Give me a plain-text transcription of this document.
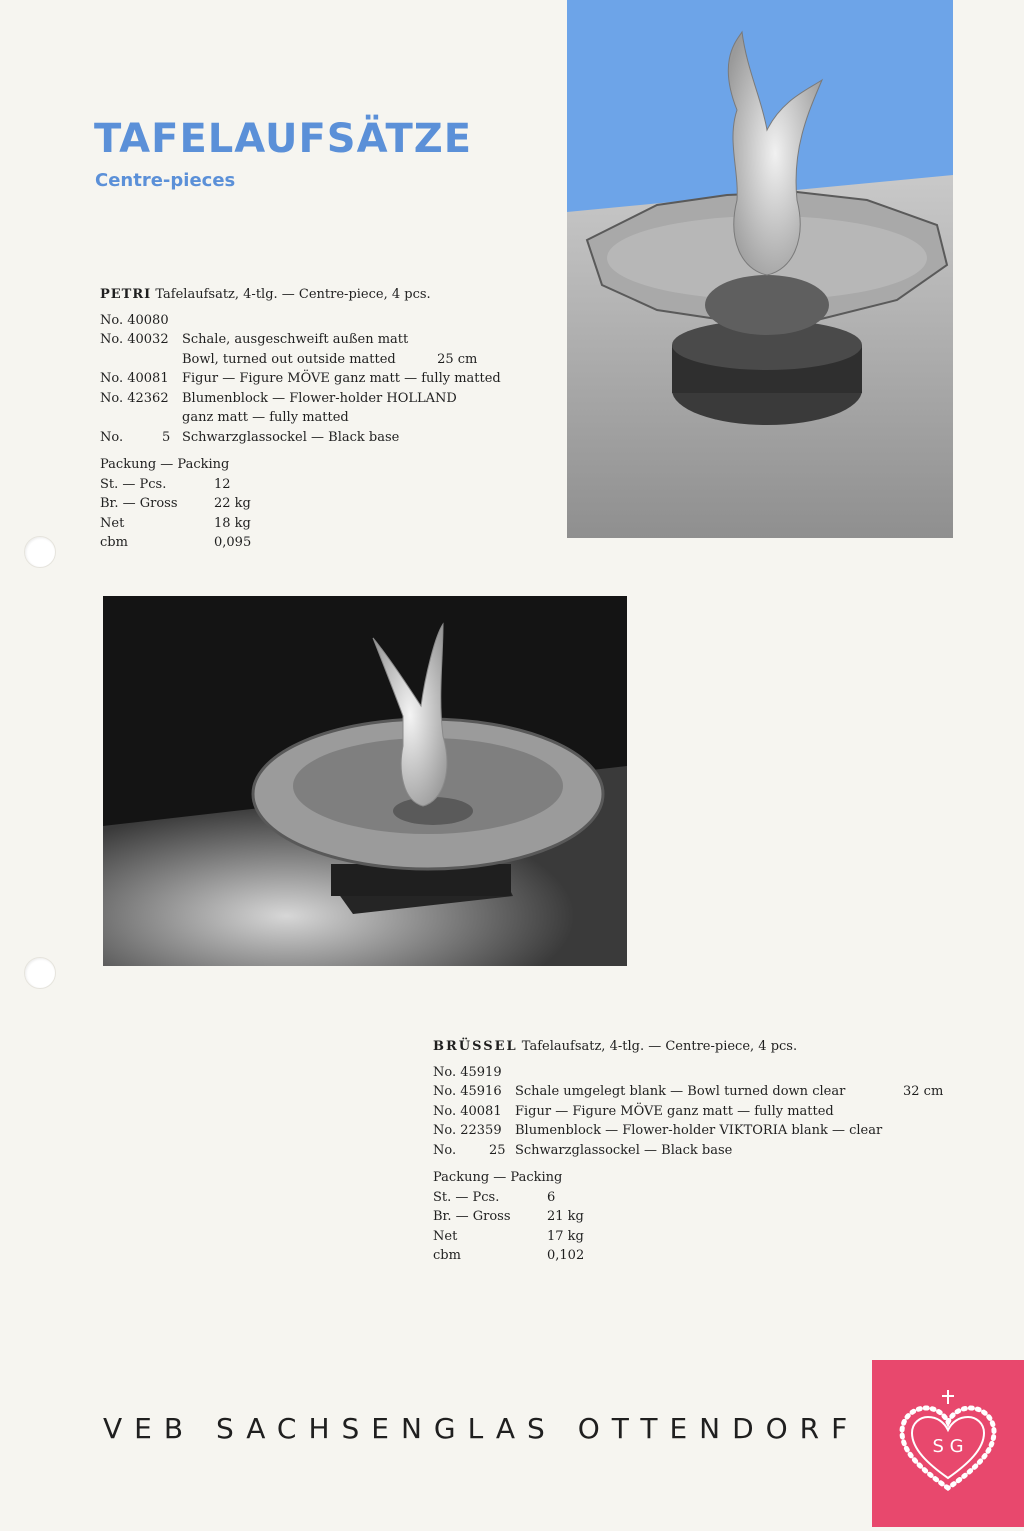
TAFELAUFSÄTZE
Centre-pieces
PETRI Tafelaufsatz, 4-tlg. — Centre-piece, 4 pcs.
No. 40080
No. 40032	Schale, ausgeschweift außen matt
Bowl, turned out outside matted          25 cm
No. 40081	Figur — Figure MÖVE ganz matt — fully matted
No. 42362	Blumenblock — Flower-holder HOLLAND
ganz matt — fully matted
No.	5 Schwarzglassockel — Black base
Packung — Packing
St. — Pcs.	12
Br. — Gross	22 kg
Net	18 kg
cbm	0,095
BRÜSSEL Tafelaufsatz, 4-tlg. — Centre-piece, 4 pcs.
No. 45919
No. 45916	Schale umgelegt blank — Bowl turned down clear	32 cm
No. 40081	Figur — Figure MÖVE ganz matt — fully matted
No. 22359	Blumenblock — Flower-holder VIKTORIA blank — clear
No.	25 Schwarzglassockel — Black base
Packung — Packing
St. — Pcs.	6
Br. — Gross	21 kg
Net	17 kg
cbm	0,102
VEB SACHSENGLAS OTTENDORF
S G
